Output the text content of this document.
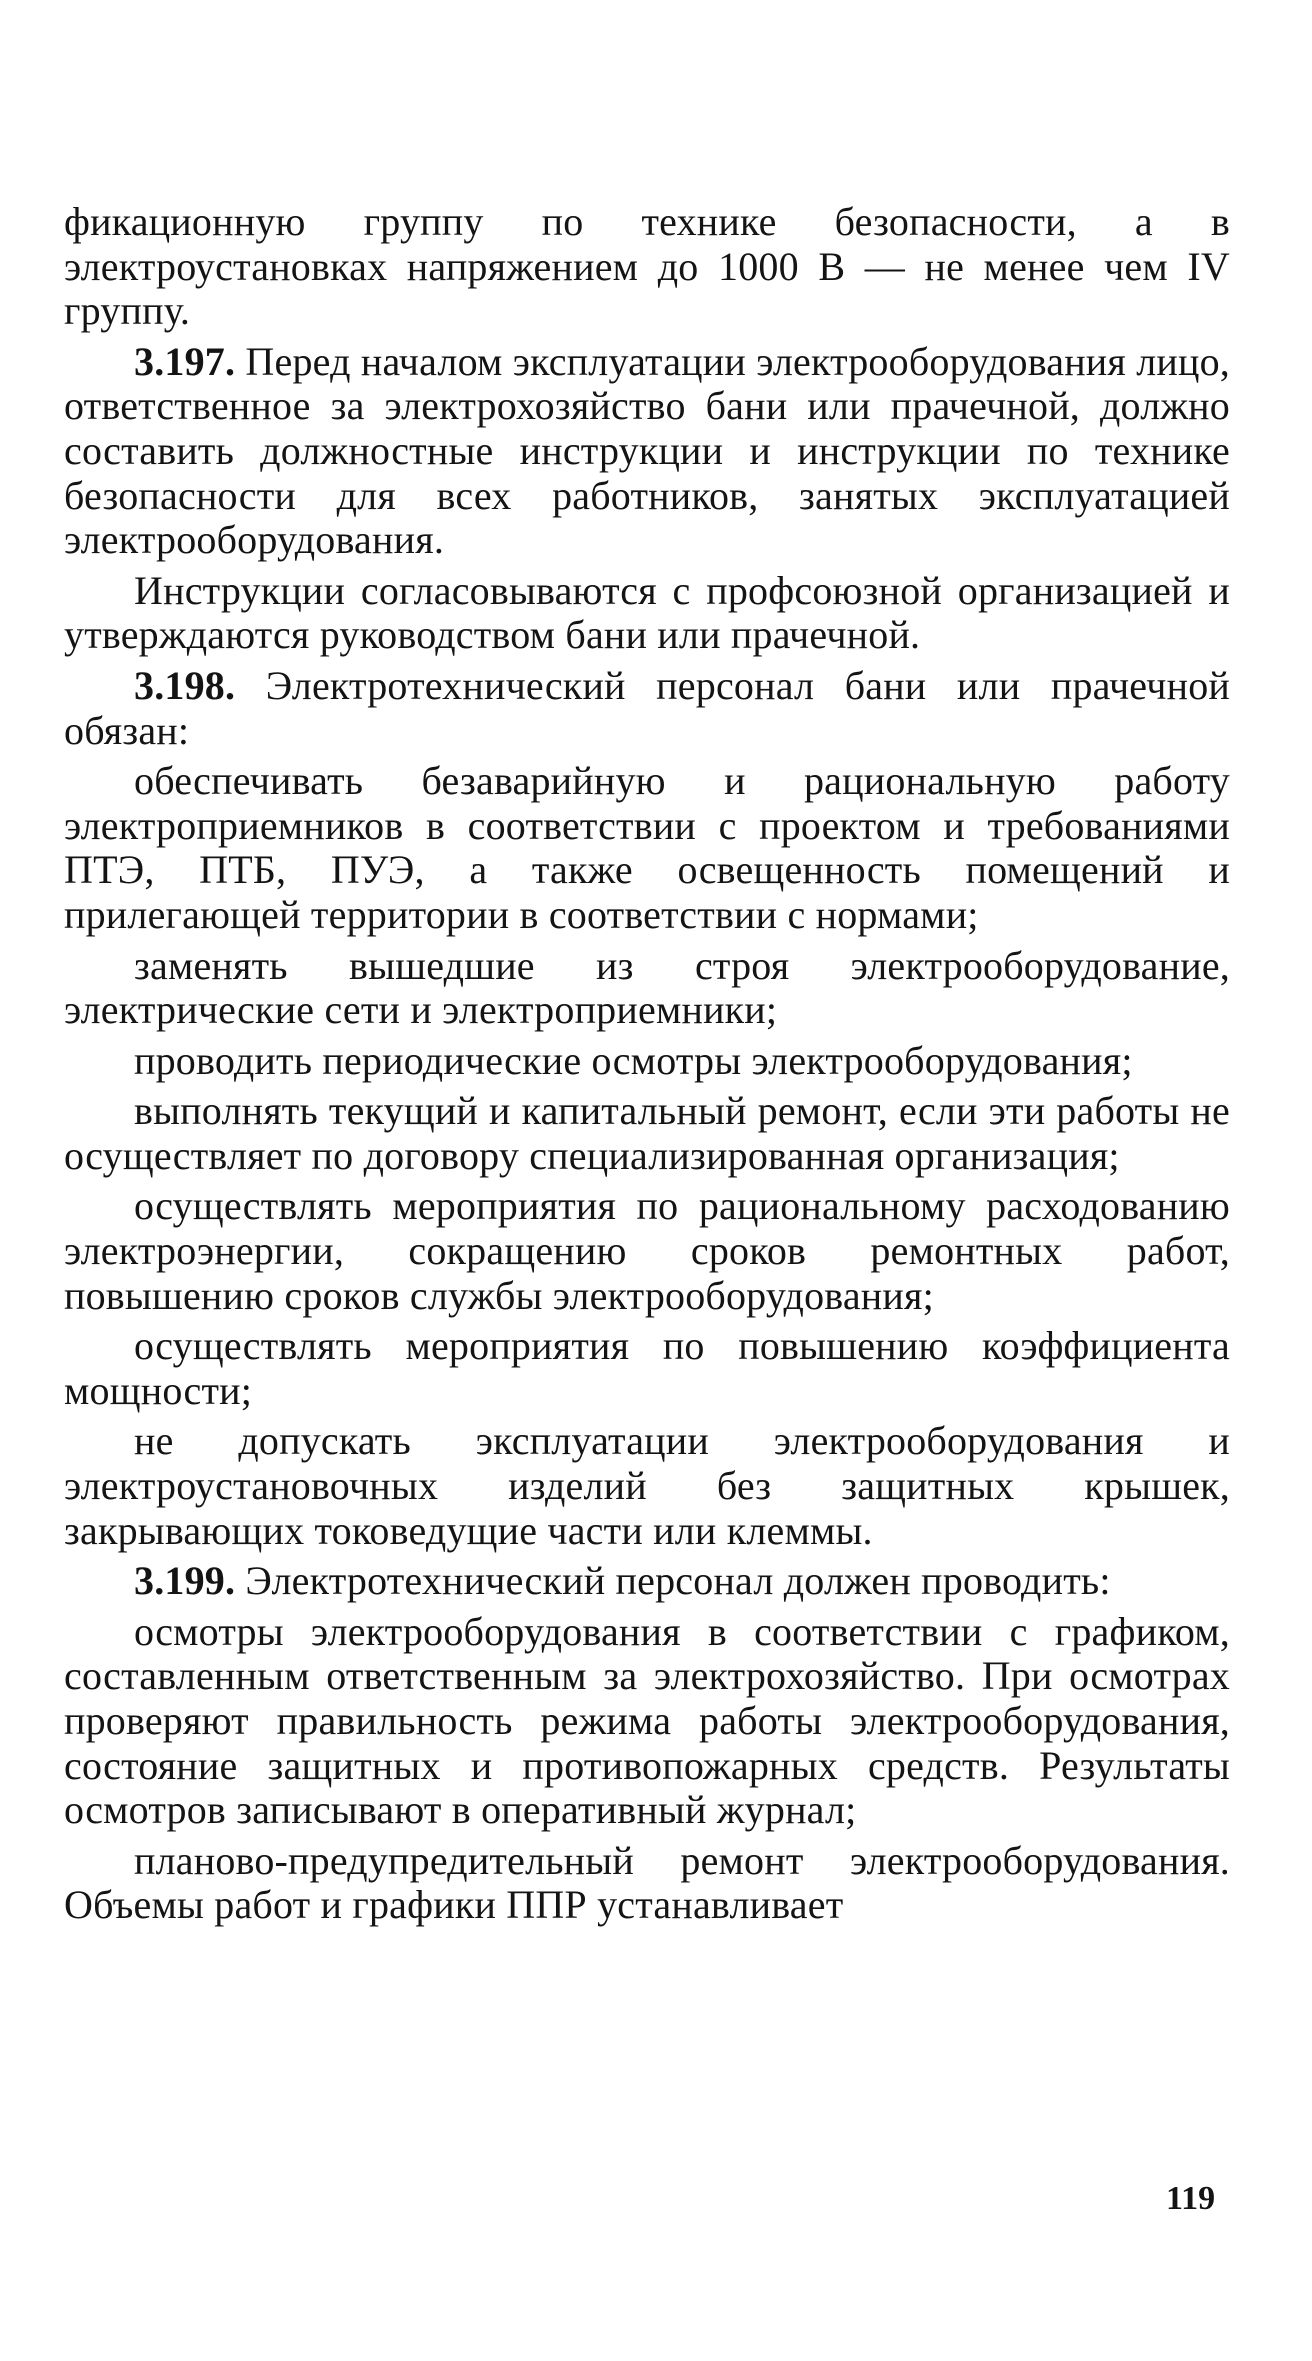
фикационную группу по технике безопасности, а в электроустановках напряжением до 1000 В — не менее чем IV группу.

3.197. Перед началом эксплуатации электрооборудования лицо, ответственное за электрохозяйство бани или прачечной, должно составить должностные инструкции и инструкции по технике безопасности для всех работников, занятых эксплуатацией электрооборудования.

Инструкции согласовываются с профсоюзной организацией и утверждаются руководством бани или прачечной.

3.198. Электротехнический персонал бани или прачечной обязан:

обеспечивать безаварийную и рациональную работу электроприемников в соответствии с проектом и требованиями ПТЭ, ПТБ, ПУЭ, а также освещенность помещений и прилегающей территории в соответствии с нормами;

заменять вышедшие из строя электрооборудование, электрические сети и электроприемники;

проводить периодические осмотры электрооборудования;

выполнять текущий и капитальный ремонт, если эти работы не осуществляет по договору специализированная организация;

осуществлять мероприятия по рациональному расходованию электроэнергии, сокращению сроков ремонтных работ, повышению сроков службы электрооборудования;

осуществлять мероприятия по повышению коэффициента мощности;

не допускать эксплуатации электрооборудования и электроустановочных изделий без защитных крышек, закрывающих токоведущие части или клеммы.

3.199. Электротехнический персонал должен проводить:

осмотры электрооборудования в соответствии с графиком, составленным ответственным за электрохозяйство. При осмотрах проверяют правильность режима работы электрооборудования, состояние защитных и противопожарных средств. Результаты осмотров записывают в оперативный журнал;

планово-предупредительный ремонт электрооборудования. Объемы работ и графики ППР устанавливает

119
